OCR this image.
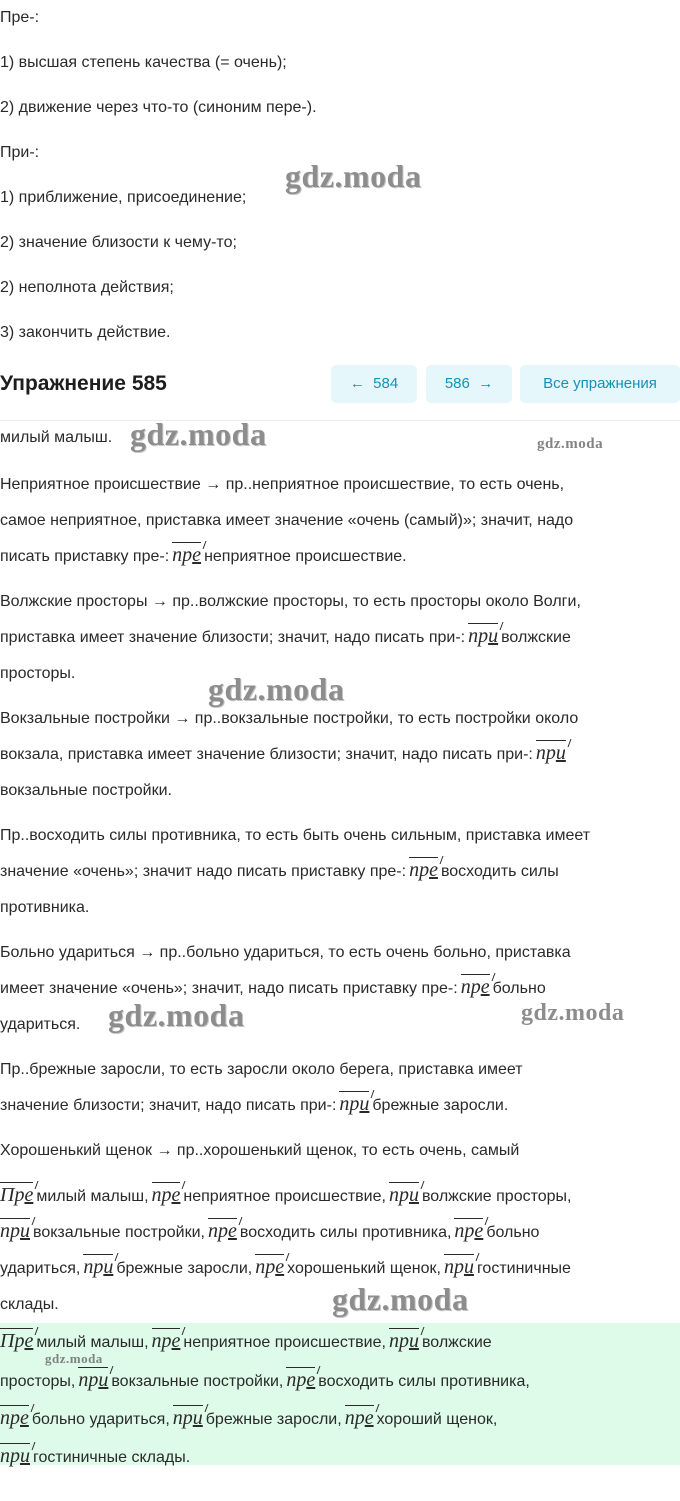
Пре-:

1) высшая степень качества (= очень);

2) движение через что-то (синоним пере-).

При-:

1) приближение, присоединение;

2) значение близости к чему-то;

2) неполнота действия;

3) закончить действие.

Упражнение 585	← 584	586 →	Все упражнения

милый малыш.

Неприятное происшествие → пр..неприятное происшествие, то есть очень,

самое неприятное, приставка имеет значение «очень (самый)»; значит, надо

писать приставку пре-: пре неприятное происшествие.

Волжские просторы → пр..волжские просторы, то есть просторы около Волги,

приставка имеет значение близости; значит, надо писать при-: при волжские

просторы.

Вокзальные постройки → пр..вокзальные постройки, то есть постройки около

вокзала, приставка имеет значение близости; значит, надо писать при-: при

вокзальные постройки.

Пр..восходить силы противника, то есть быть очень сильным, приставка имеет

значение «очень»; значит надо писать приставку пре-: пре восходить силы

противника.

Больно удариться → пр..больно удариться, то есть очень больно, приставка

имеет значение «очень»; значит, надо писать приставку пре-: пре больно

удариться.

Пр..брежные заросли, то есть заросли около берега, приставка имеет

значение близости; значит, надо писать при-: при брежные заросли.

Хорошенький щенок → пр..хорошенький щенок, то есть очень, самый

Пре милый малыш, пре неприятное происшествие, при волжские просторы,

при вокзальные постройки, пре восходить силы противника, пре больно

удариться, при брежные заросли, пре хорошенький щенок, при гостиничные

склады.

Пре милый малыш, пре неприятное происшествие, при волжские

просторы, при вокзальные постройки, пре восходить силы противника,

пре больно удариться, при брежные заросли, пре хороший щенок,

при гостиничные склады.

gdz.moda
gdz.moda	gdz.moda
gdz.moda
gdz.moda	gdz.moda
gdz.moda
gdz.moda
